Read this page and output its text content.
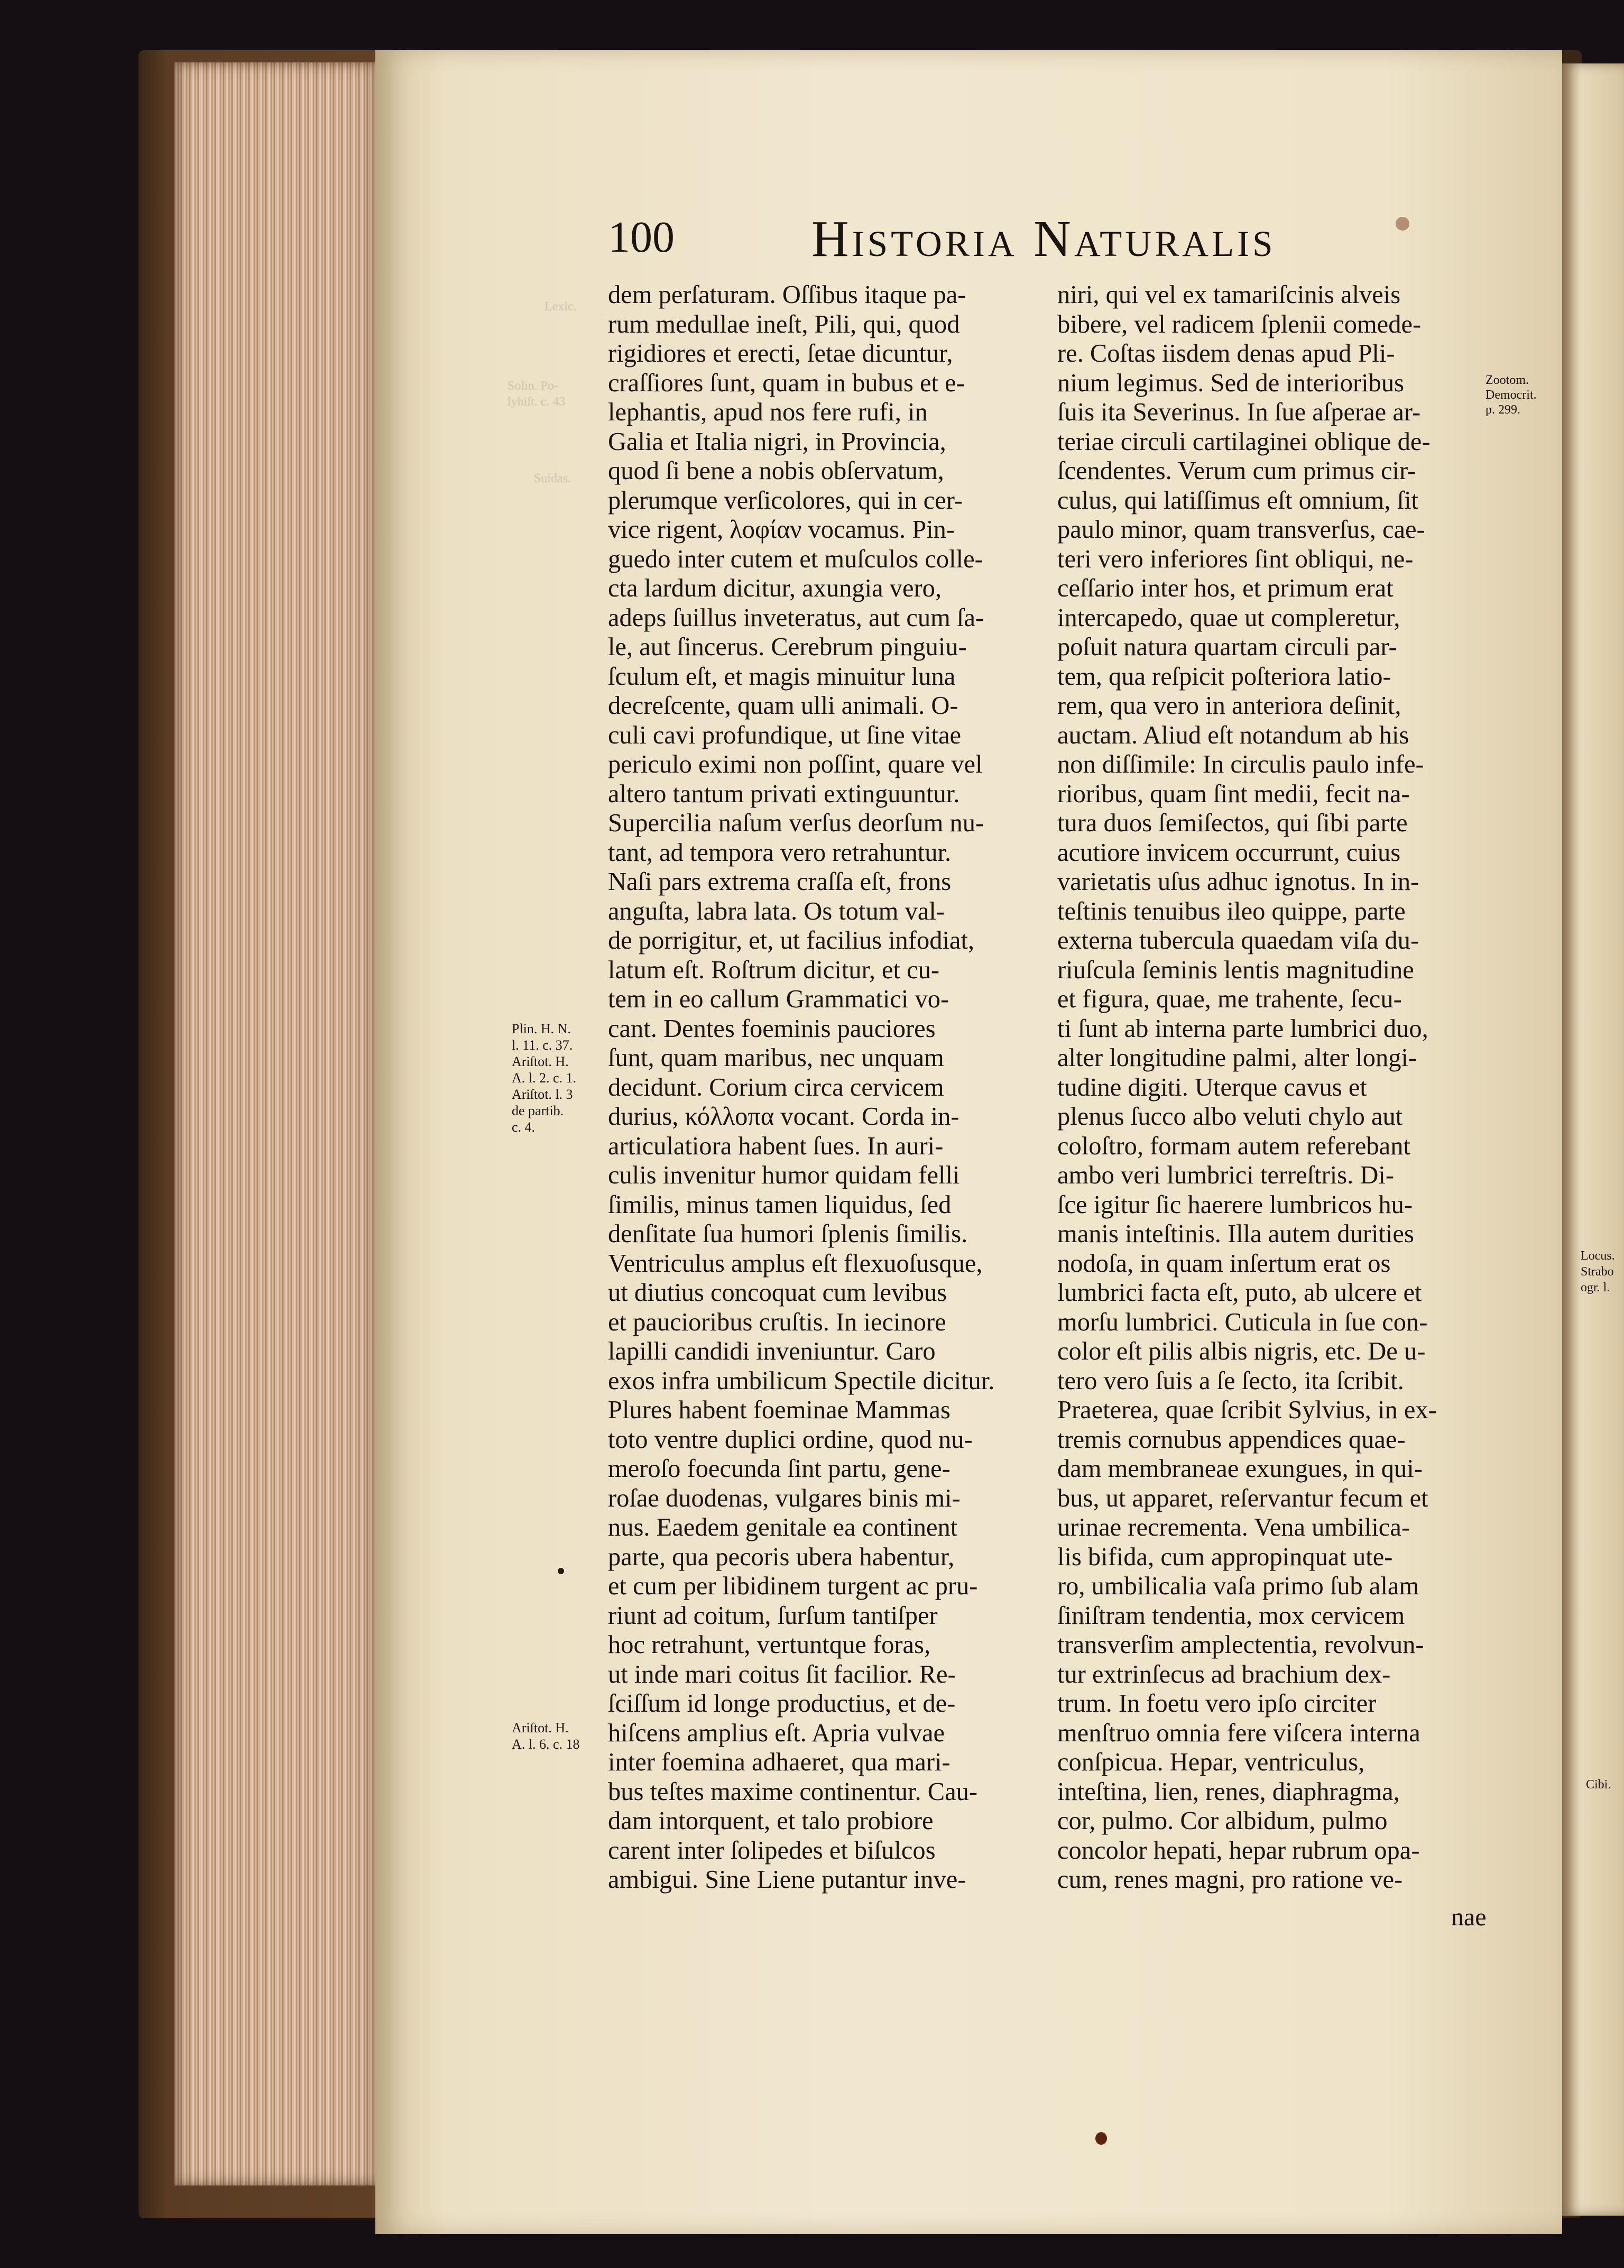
Lexic.
Solin. Po-
lyhiſt. c. 43
Suidas.
100	Historia Naturalis
dem perſaturam. Oſſibus itaque pa-
rum medullae ineſt, Pili, qui, quod
rigidiores et erecti, ſetae dicuntur,
craſſiores ſunt, quam in bubus et e-
lephantis, apud nos fere rufi, in
Galia et Italia nigri, in Provincia,
quod ſi bene a nobis obſervatum,
plerumque verſicolores, qui in cer-
vice rigent, λοφίαν vocamus. Pin-
guedo inter cutem et muſculos colle-
cta lardum dicitur, axungia vero,
adeps ſuillus inveteratus, aut cum ſa-
le, aut ſincerus. Cerebrum pinguiu-
ſculum eſt, et magis minuitur luna
decreſcente, quam ulli animali. O-
culi cavi profundique, ut ſine vitae
periculo eximi non poſſint, quare vel
altero tantum privati extinguuntur.
Supercilia naſum verſus deorſum nu-
tant, ad tempora vero retrahuntur.
Naſi pars extrema craſſa eſt, frons
anguſta, labra lata. Os totum val-
de porrigitur, et, ut facilius infodiat,
latum eſt. Roſtrum dicitur, et cu-
tem in eo callum Grammatici vo-
cant. Dentes foeminis pauciores
ſunt, quam maribus, nec unquam
decidunt. Corium circa cervicem
durius, κόλλοπα vocant. Corda in-
articulatiora habent ſues. In auri-
culis invenitur humor quidam felli
ſimilis, minus tamen liquidus, ſed
denſitate ſua humori ſplenis ſimilis.
Ventriculus amplus eſt flexuoſusque,
ut diutius concoquat cum levibus
et paucioribus cruſtis. In iecinore
lapilli candidi inveniuntur. Caro
exos infra umbilicum Spectile dicitur.
Plures habent foeminae Mammas
toto ventre duplici ordine, quod nu-
meroſo foecunda ſint partu, gene-
roſae duodenas, vulgares binis mi-
nus. Eaedem genitale ea continent
parte, qua pecoris ubera habentur,
et cum per libidinem turgent ac pru-
riunt ad coitum, ſurſum tantiſper
hoc retrahunt, vertuntque foras,
ut inde mari coitus ſit facilior. Re-
ſciſſum id longe productius, et de-
hiſcens amplius eſt. Apria vulvae
inter foemina adhaeret, qua mari-
bus teſtes maxime continentur. Cau-
dam intorquent, et talo probiore
carent inter ſolipedes et biſulcos
ambigui. Sine Liene putantur inve-
niri, qui vel ex tamariſcinis alveis
bibere, vel radicem ſplenii comede-
re. Coſtas iisdem denas apud Pli-
nium legimus. Sed de interioribus
ſuis ita Severinus. In ſue aſperae ar-
teriae circuli cartilaginei oblique de-
ſcendentes. Verum cum primus cir-
culus, qui latiſſimus eſt omnium, ſit
paulo minor, quam transverſus, cae-
teri vero inferiores ſint obliqui, ne-
ceſſario inter hos, et primum erat
intercapedo, quae ut compleretur,
poſuit natura quartam circuli par-
tem, qua reſpicit poſteriora latio-
rem, qua vero in anteriora deſinit,
auctam. Aliud eſt notandum ab his
non diſſimile: In circulis paulo infe-
rioribus, quam ſint medii, fecit na-
tura duos ſemiſectos, qui ſibi parte
acutiore invicem occurrunt, cuius
varietatis uſus adhuc ignotus. In in-
teſtinis tenuibus ileo quippe, parte
externa tubercula quaedam viſa du-
riuſcula ſeminis lentis magnitudine
et figura, quae, me trahente, ſecu-
ti ſunt ab interna parte lumbrici duo,
alter longitudine palmi, alter longi-
tudine digiti. Uterque cavus et
plenus ſucco albo veluti chylo aut
coloſtro, formam autem referebant
ambo veri lumbrici terreſtris. Di-
ſce igitur ſic haerere lumbricos hu-
manis inteſtinis. Illa autem durities
nodoſa, in quam inſertum erat os
lumbrici facta eſt, puto, ab ulcere et
morſu lumbrici. Cuticula in ſue con-
color eſt pilis albis nigris, etc. De u-
tero vero ſuis a ſe ſecto, ita ſcribit.
Praeterea, quae ſcribit Sylvius, in ex-
tremis cornubus appendices quae-
dam membraneae exungues, in qui-
bus, ut apparet, reſervantur fecum et
urinae recrementa. Vena umbilica-
lis bifida, cum appropinquat ute-
ro, umbilicalia vaſa primo ſub alam
ſiniſtram tendentia, mox cervicem
transverſim amplectentia, revolvun-
tur extrinſecus ad brachium dex-
trum. In foetu vero ipſo circiter
menſtruo omnia fere viſcera interna
conſpicua. Hepar, ventriculus,
inteſtina, lien, renes, diaphragma,
cor, pulmo. Cor albidum, pulmo
concolor hepati, hepar rubrum opa-
cum, renes magni, pro ratione ve-
nae
Plin. H. N.
l. 11. c. 37.
Ariſtot. H.
A. l. 2. c. 1.
Ariſtot. l. 3
de partib.
c. 4.
Ariſtot. H.
A. l. 6. c. 18
Zootom.
Democrit.
p. 299.
Locus.
Strabo
ogr. l.
Cibi.
